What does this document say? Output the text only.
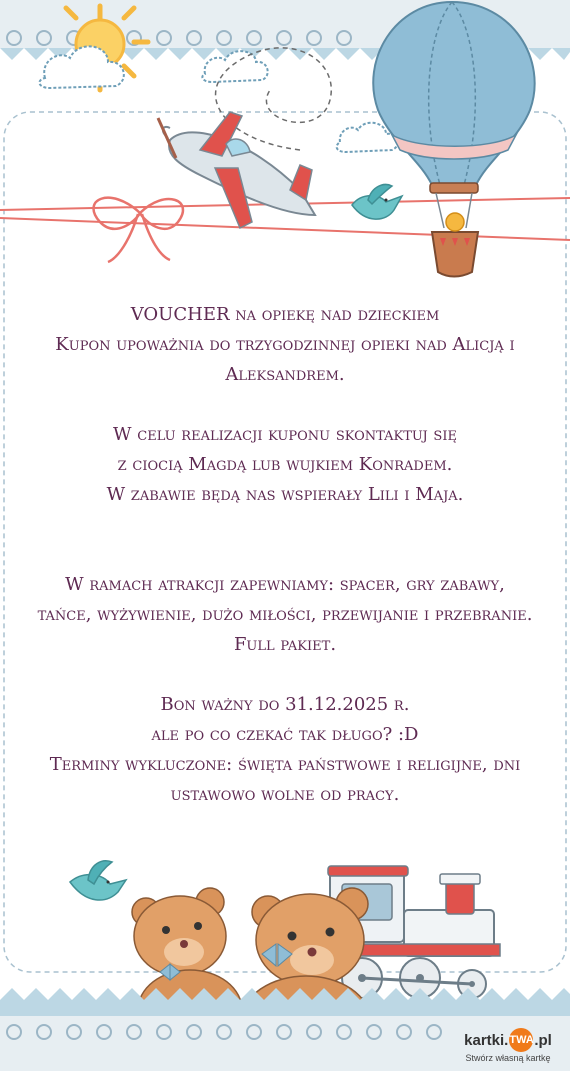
VOUCHER na opiekę nad dzieckiem
Kupon upoważnia do trzygodzinnej opieki nad Alicją i
Aleksandrem.
W celu realizacji kuponu skontaktuj się
z ciocią Magdą lub wujkiem Konradem.
W zabawie będą nas wspierały Lili i Maja.
W ramach atrakcji zapewniamy: spacer, gry zabawy,
tańce, wyżywienie, dużo miłości, przewijanie i przebranie.
Full pakiet.
Bon ważny do 31.12.2025 r.
ale po co czekać tak długo? :D
Terminy wykluczone: święta państwowe i religijne, dni
ustawowo wolne od pracy.
kartki. TWA .pl
Stwórz własną kartkę
